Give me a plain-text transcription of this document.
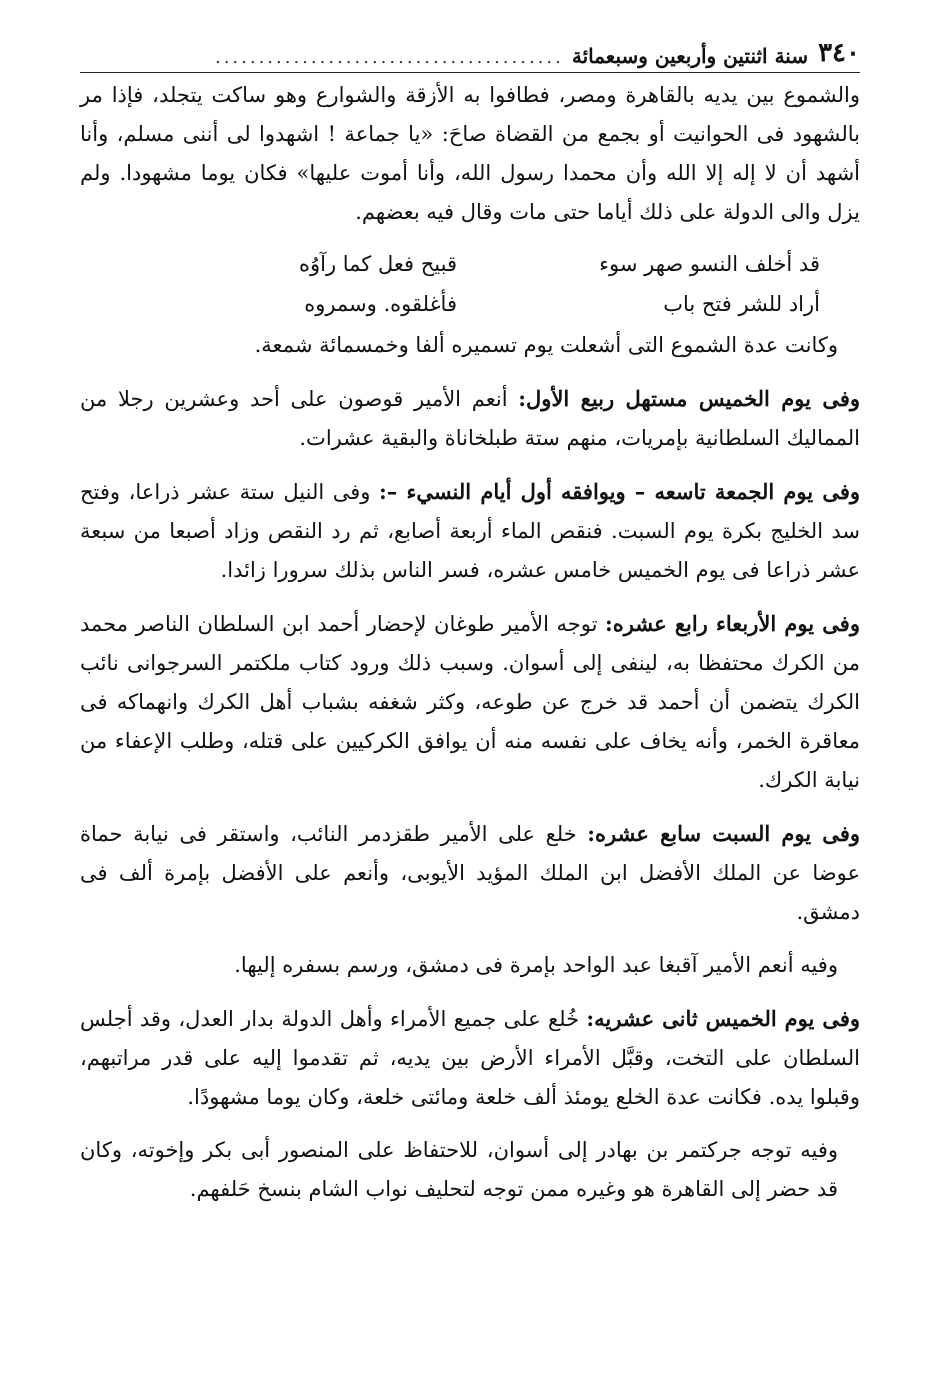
٣٤٠
سنة اثنتين وأربعين وسبعمائة
........................................

والشموع بين يديه بالقاهرة ومصر، فطافوا به الأزقة والشوارع وهو ساكت يتجلد، فإذا مر بالشهود فى الحوانيت أو بجمع من القضاة صاحَ: «يا جماعة ! اشهدوا لى أننى مسلم، وأنا أشهد أن لا إله إلا الله وأن محمدا رسول الله، وأنا أموت عليها» فكان يوما مشهودا. ولم يزل والى الدولة على ذلك أياما حتى مات وقال فيه بعضهم.

قد أخلف النسو صهر سوء
قبيح فعل كما رآوُه
أراد للشر فتح باب
فأغلقوه. وسمروه

وكانت عدة الشموع التى أشعلت يوم تسميره ألفا وخمسمائة شمعة.

وفى يوم الخميس مستهل ربيع الأول: أنعم الأمير قوصون على أحد وعشرين رجلا من المماليك السلطانية بإمريات، منهم ستة طبلخاناة والبقية عشرات.

وفى يوم الجمعة تاسعه – ويوافقه أول أيام النسيء –: وفى النيل ستة عشر ذراعا، وفتح سد الخليج بكرة يوم السبت. فنقص الماء أربعة أصابع، ثم رد النقص وزاد أصبعا من سبعة عشر ذراعا فى يوم الخميس خامس عشره، فسر الناس بذلك سرورا زائدا.

وفى يوم الأربعاء رابع عشره: توجه الأمير طوغان لإحضار أحمد ابن السلطان الناصر محمد من الكرك محتفظا به، لينفى إلى أسوان. وسبب ذلك ورود كتاب ملكتمر السرجوانى نائب الكرك يتضمن أن أحمد قد خرج عن طوعه، وكثر شغفه بشباب أهل الكرك وانهماكه فى معاقرة الخمر، وأنه يخاف على نفسه منه أن يوافق الكركيين على قتله، وطلب الإعفاء من نيابة الكرك.

وفى يوم السبت سابع عشره: خلع على الأمير طقزدمر النائب، واستقر فى نيابة حماة عوضا عن الملك الأفضل ابن الملك المؤيد الأيوبى، وأنعم على الأفضل بإمرة ألف فى دمشق.

وفيه أنعم الأمير آقبغا عبد الواحد بإمرة فى دمشق، ورسم بسفره إليها.

وفى يوم الخميس ثانى عشريه: خُلع على جميع الأمراء وأهل الدولة بدار العدل، وقد أجلس السلطان على التخت، وقبَّل الأمراء الأرض بين يديه، ثم تقدموا إليه على قدر مراتبهم، وقبلوا يده. فكانت عدة الخلع يومئذ ألف خلعة ومائتى خلعة، وكان يوما مشهودًا.

وفيه توجه جركتمر بن بهادر إلى أسوان، للاحتفاظ على المنصور أبى بكر وإخوته، وكان قد حضر إلى القاهرة هو وغيره ممن توجه لتحليف نواب الشام بنسخ حَلفهم.
